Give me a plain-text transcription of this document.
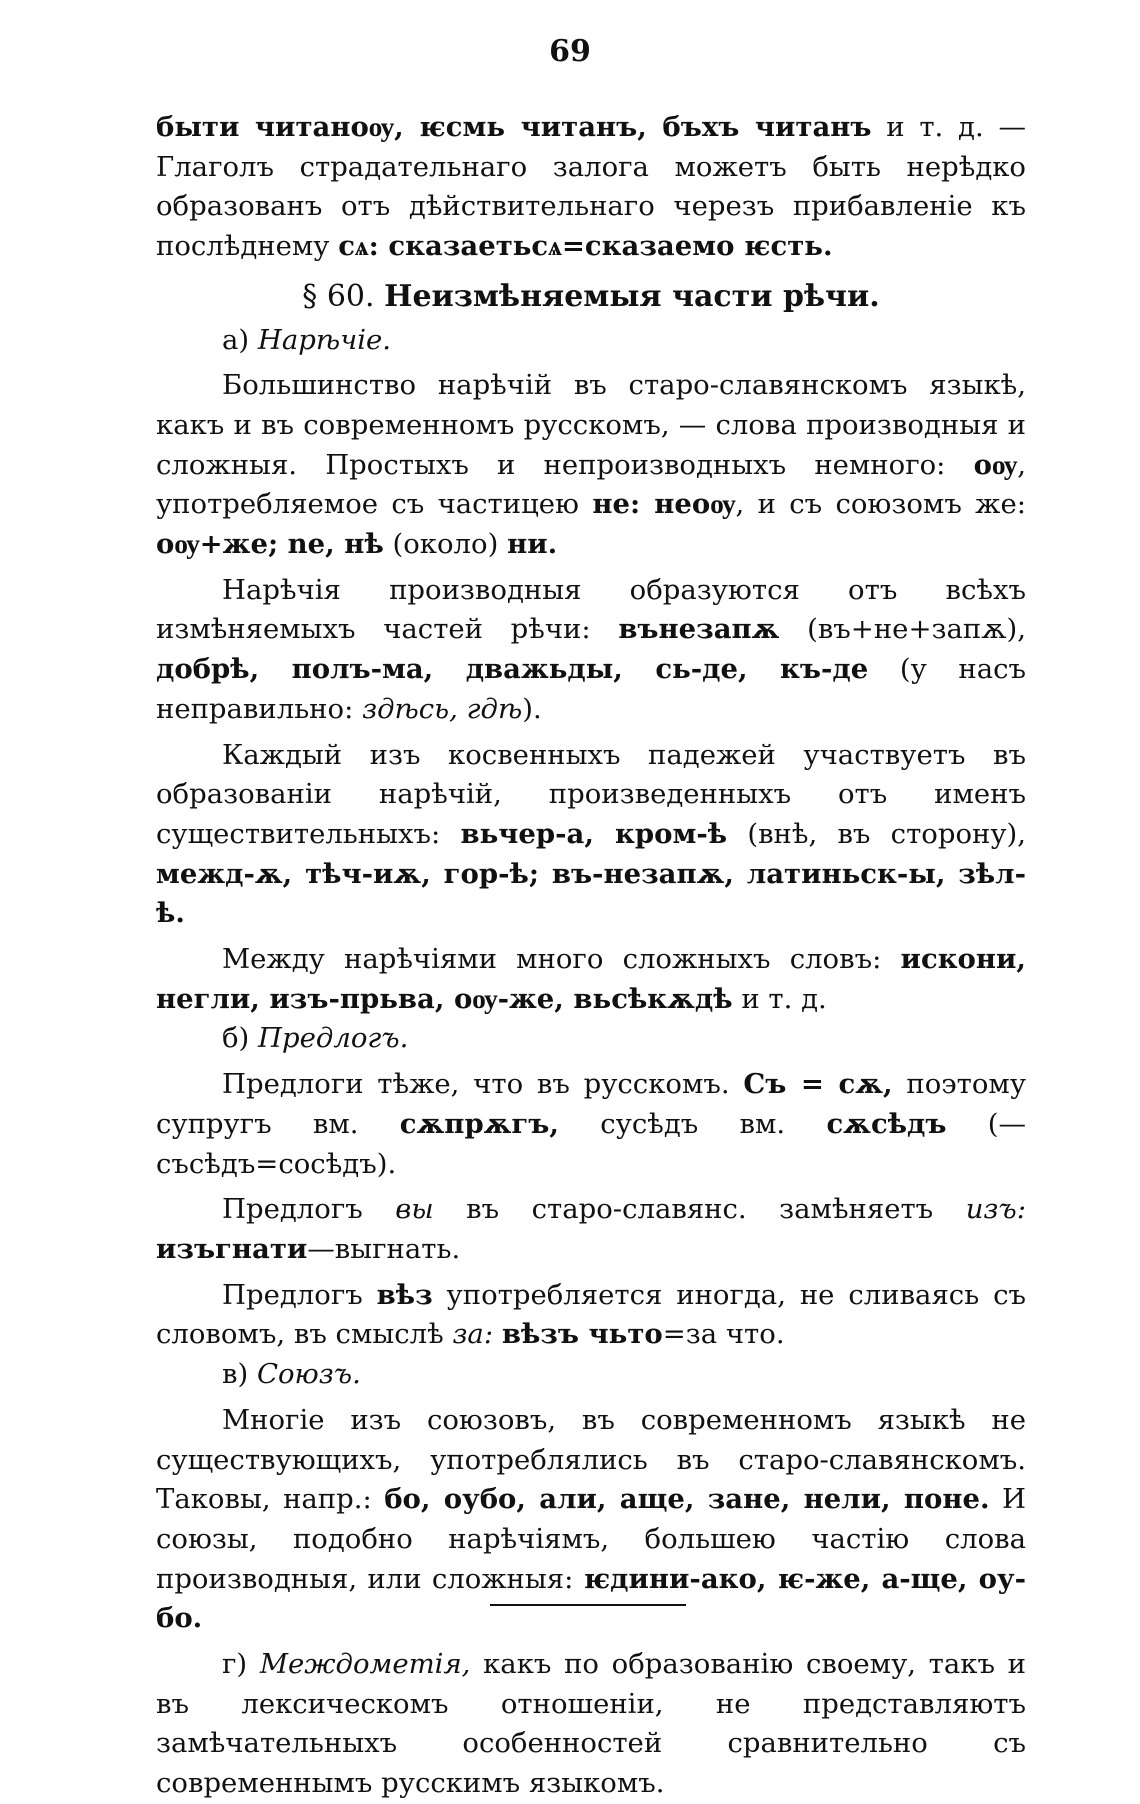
69

быти читаноѹ, ѥсмь читанъ, бъхъ читанъ и т. д. — Глаголъ страдательнаго залога можетъ быть нерѣдко образованъ отъ дѣйствительнаго черезъ прибавленіе къ послѣднему сѧ: сказаетьсѧ=сказаемо ѥсть.

§ 60. Неизмѣняемыя части рѣчи.

а) Нарѣчіе.

Большинство нарѣчій въ старо-славянскомъ языкѣ, какъ и въ современномъ русскомъ, — слова производныя и сложныя. Простыхъ и непроизводныхъ немного: оѹ, употребляемое съ частицею не: неоѹ, и съ союзомъ же: оѹ+же; ne, нѣ (около) ни.

Нарѣчія производныя образуются отъ всѣхъ измѣняемыхъ частей рѣчи: вънезапѫ (въ+не+запѫ), добрѣ, полъ-ма, дважьды, сь-де, къ-де (у насъ неправильно: здѣсь, гдѣ).

Каждый изъ косвенныхъ падежей участвуетъ въ образованіи нарѣчій, произведенныхъ отъ именъ существительныхъ: вьчер-а, кром-ѣ (внѣ, въ сторону), межд-ѫ, тѣч-иѫ, гор-ѣ; въ-незапѫ, латиньск-ы, зѣл-ѣ.

Между нарѣчіями много сложныхъ словъ: искони, негли, изъ-прьва, оѹ-же, вьсѣкѫдѣ и т. д.

б) Предлогъ.

Предлоги тѣже, что въ русскомъ. Съ = сѫ, поэтому супругъ вм. сѫпрѫгъ, сусѣдъ вм. сѫсѣдъ (—съсѣдъ=сосѣдъ).

Предлогъ вы въ старо-славянс. замѣняетъ изъ: изъгнати—выгнать.

Предлогъ вѣз употребляется иногда, не сливаясь съ словомъ, въ смыслѣ за: вѣзъ чьто=за что.

в) Союзъ.

Многіе изъ союзовъ, въ современномъ языкѣ не существующихъ, употреблялись въ старо-славянскомъ. Таковы, напр.: бо, оубо, али, аще, зане, нели, поне. И союзы, подобно нарѣчіямъ, большею частію слова производныя, или сложныя: ѥдини-ако, ѥ-же, а-ще, оу-бо.

г) Междометія, какъ по образованію своему, такъ и въ лексическомъ отношеніи, не представляютъ замѣчательныхъ особенностей сравнительно съ современнымъ русскимъ языкомъ.
